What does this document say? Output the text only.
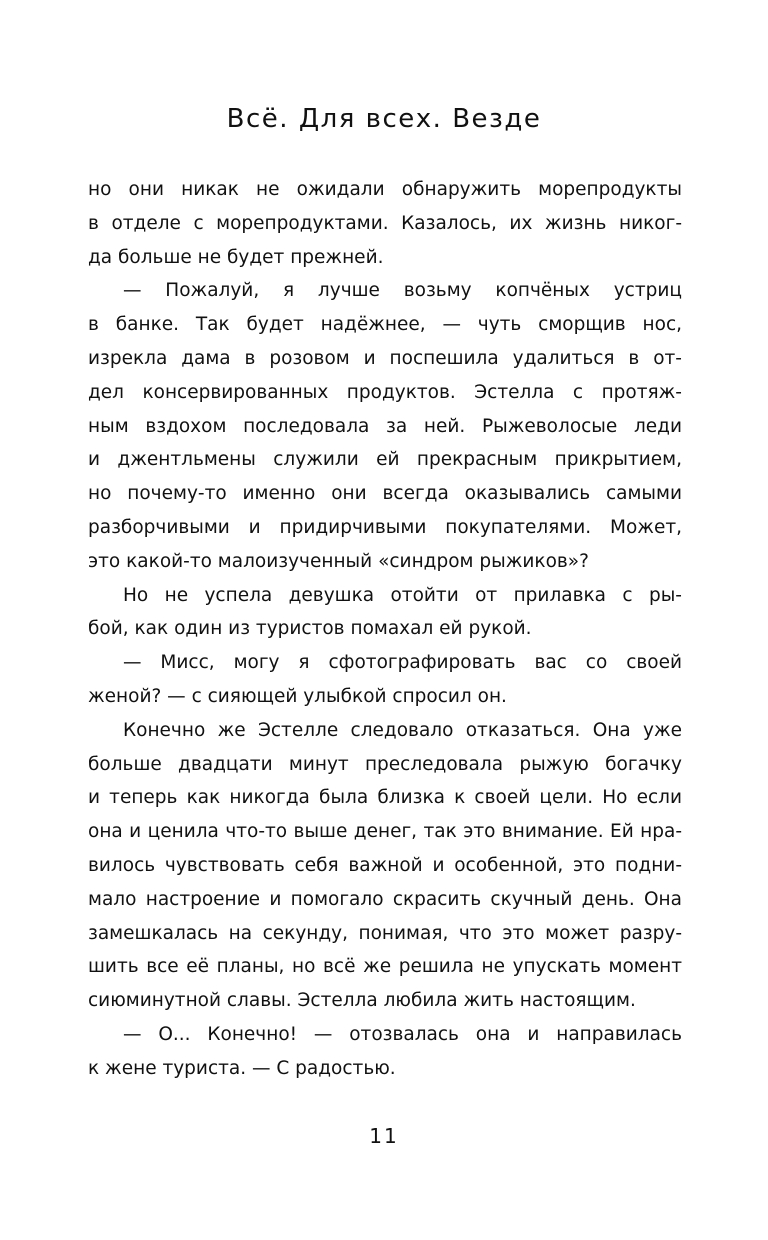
Всё. Для всех. Везде
но они никак не ожидали обнаружить морепродукты
в отделе с морепродуктами. Казалось, их жизнь никог-
да больше не будет прежней.
— Пожалуй, я лучше возьму копчёных устриц
в банке. Так будет надёжнее, — чуть сморщив нос,
изрекла дама в розовом и поспешила удалиться в от-
дел консервированных продуктов. Эстелла с протяж-
ным вздохом последовала за ней. Рыжеволосые леди
и джентльмены служили ей прекрасным прикрытием,
но почему-то именно они всегда оказывались самыми
разборчивыми и придирчивыми покупателями. Может,
это какой-то малоизученный «синдром рыжиков»?
Но не успела девушка отойти от прилавка с ры-
бой, как один из туристов помахал ей рукой.
— Мисс, могу я сфотографировать вас со своей
женой? — с сияющей улыбкой спросил он.
Конечно же Эстелле следовало отказаться. Она уже
больше двадцати минут преследовала рыжую богачку
и теперь как никогда была близка к своей цели. Но если
она и ценила что-то выше денег, так это внимание. Ей нра-
вилось чувствовать себя важной и особенной, это подни-
мало настроение и помогало скрасить скучный день. Она
замешкалась на секунду, понимая, что это может разру-
шить все её планы, но всё же решила не упускать момент
сиюминутной славы. Эстелла любила жить настоящим.
— О... Конечно! — отозвалась она и направилась
к жене туриста. — С радостью.
11
